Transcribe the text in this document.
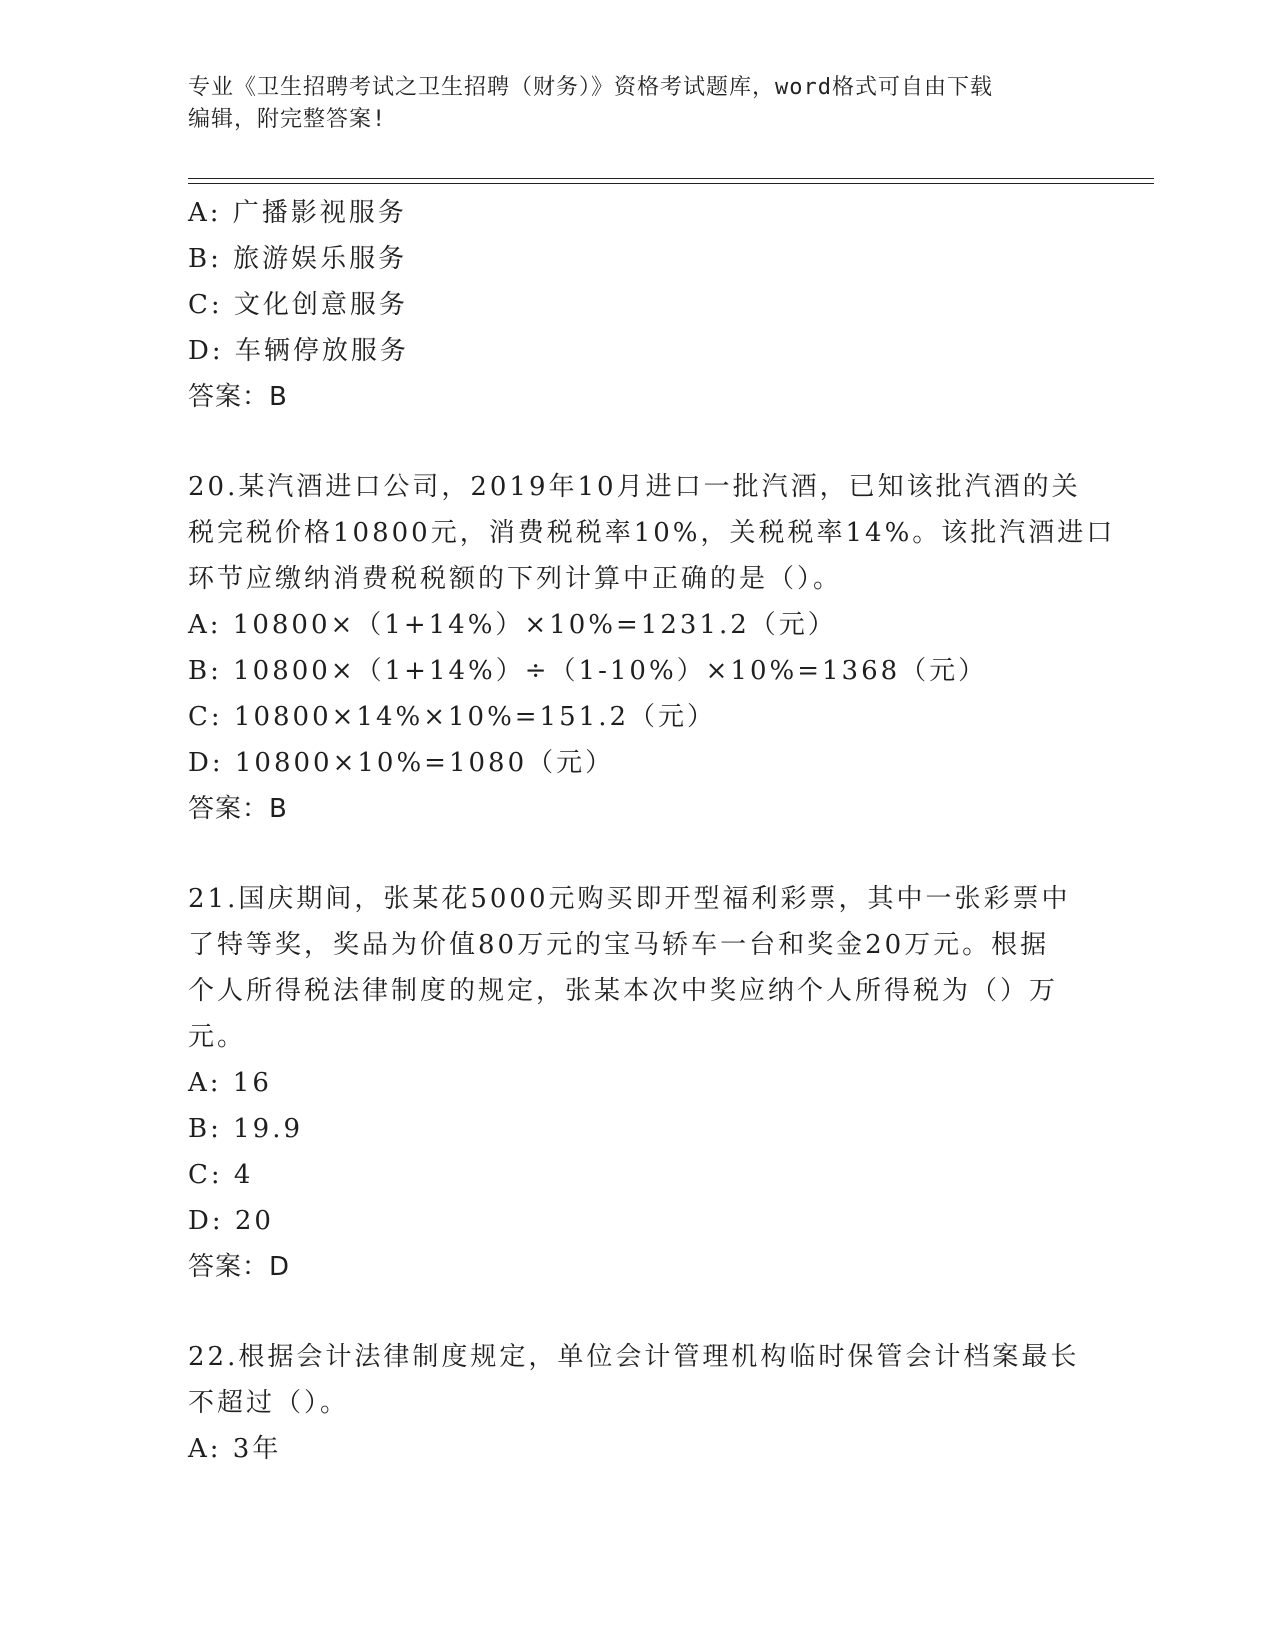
专业《卫生招聘考试之卫生招聘（财务）》资格考试题库，word格式可自由下载
编辑，附完整答案!
A: 广播影视服务
B: 旅游娱乐服务
C: 文化创意服务
D: 车辆停放服务
答案：B
20.某汽酒进口公司，2019年10月进口一批汽酒，已知该批汽酒的关
税完税价格10800元，消费税税率10%，关税税率14%。该批汽酒进口
环节应缴纳消费税税额的下列计算中正确的是（）。
A: 10800×（1+14%）×10%=1231.2（元）
B: 10800×（1+14%）÷（1-10%）×10%=1368（元）
C: 10800×14%×10%=151.2（元）
D: 10800×10%=1080（元）
答案：B
21.国庆期间，张某花5000元购买即开型福利彩票，其中一张彩票中
了特等奖，奖品为价值80万元的宝马轿车一台和奖金20万元。根据
个人所得税法律制度的规定，张某本次中奖应纳个人所得税为（）万
元。
A: 16
B: 19.9
C: 4
D: 20
答案：D
22.根据会计法律制度规定，单位会计管理机构临时保管会计档案最长
不超过（）。
A: 3年
